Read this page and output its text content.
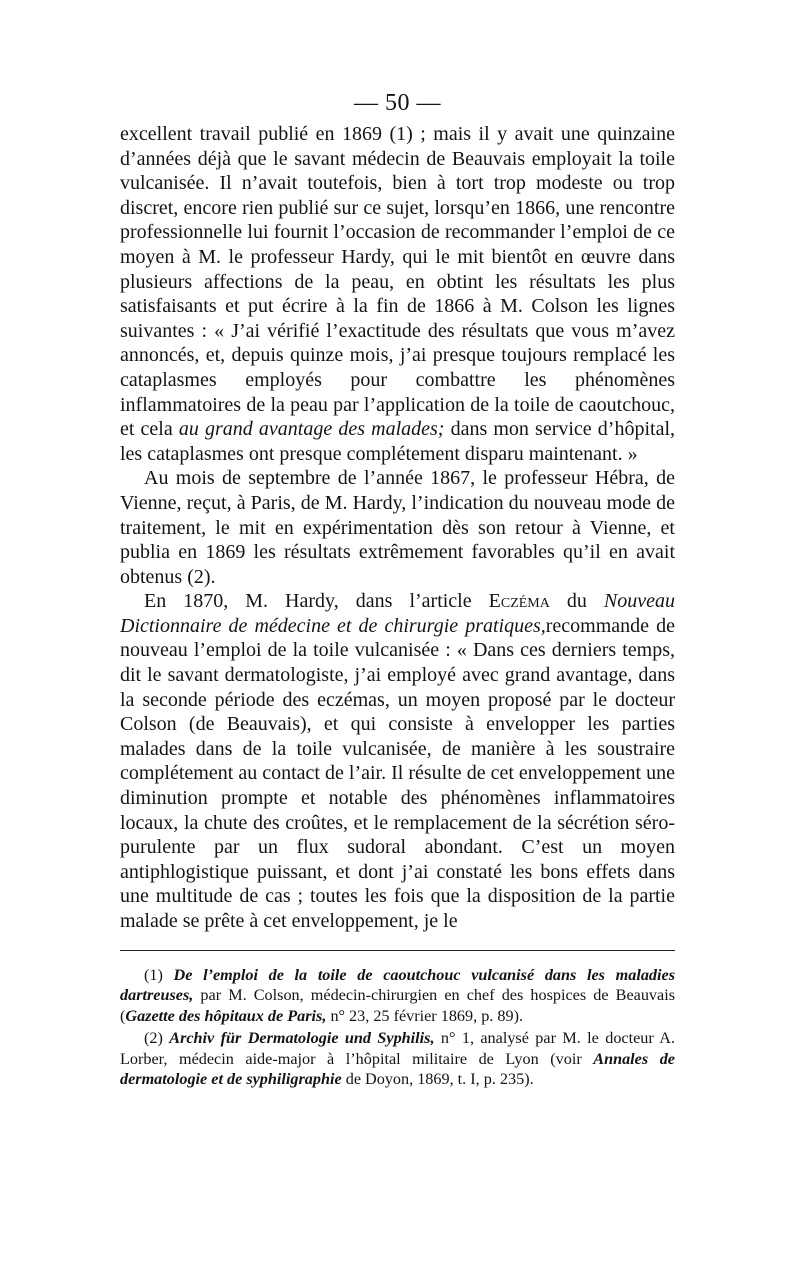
— 50 —

excellent travail publié en 1869 (1) ; mais il y avait une quinzaine d’années déjà que le savant médecin de Beauvais employait la toile vulcanisée. Il n’avait toutefois, bien à tort trop modeste ou trop discret, encore rien publié sur ce sujet, lorsqu’en 1866, une rencontre professionnelle lui fournit l’occasion de recommander l’emploi de ce moyen à M. le professeur Hardy, qui le mit bientôt en œuvre dans plusieurs affections de la peau, en obtint les résultats les plus satisfaisants et put écrire à la fin de 1866 à M. Colson les lignes suivantes : « J’ai vérifié l’exactitude des résultats que vous m’avez annoncés, et, depuis quinze mois, j’ai presque toujours remplacé les cataplasmes employés pour combattre les phénomènes inflammatoires de la peau par l’application de la toile de caoutchouc, et cela au grand avantage des malades; dans mon service d’hôpital, les cataplasmes ont presque complétement disparu maintenant. »

Au mois de septembre de l’année 1867, le professeur Hébra, de Vienne, reçut, à Paris, de M. Hardy, l’indication du nouveau mode de traitement, le mit en expérimentation dès son retour à Vienne, et publia en 1869 les résultats extrêmement favorables qu’il en avait obtenus (2).

En 1870, M. Hardy, dans l’article Eczéma du Nouveau Dictionnaire de médecine et de chirurgie pratiques,recommande de nouveau l’emploi de la toile vulcanisée : « Dans ces derniers temps, dit le savant dermatologiste, j’ai employé avec grand avantage, dans la seconde période des eczémas, un moyen proposé par le docteur Colson (de Beauvais), et qui consiste à envelopper les parties malades dans de la toile vulcanisée, de manière à les soustraire complétement au contact de l’air. Il résulte de cet enveloppement une diminution prompte et notable des phénomènes inflammatoires locaux, la chute des croûtes, et le remplacement de la sécrétion séro-purulente par un flux sudoral abondant. C’est un moyen antiphlogistique puissant, et dont j’ai constaté les bons effets dans une multitude de cas ; toutes les fois que la disposition de la partie malade se prête à cet enveloppement, je le

(1) De l’emploi de la toile de caoutchouc vulcanisé dans les maladies dartreuses, par M. Colson, médecin-chirurgien en chef des hospices de Beauvais (Gazette des hôpitaux de Paris, n° 23, 25 février 1869, p. 89).

(2) Archiv für Dermatologie und Syphilis, n° 1, analysé par M. le docteur A. Lorber, médecin aide-major à l’hôpital militaire de Lyon (voir Annales de dermatologie et de syphiligraphie de Doyon, 1869, t. I, p. 235).
